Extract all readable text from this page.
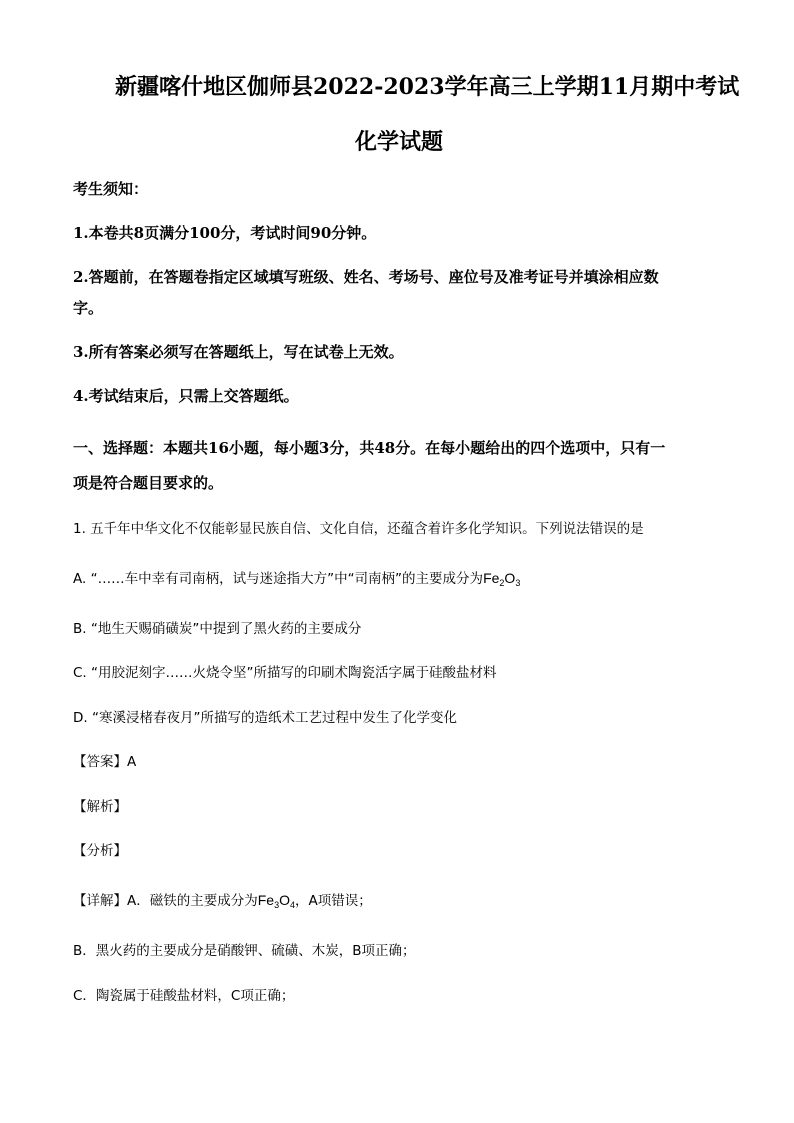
新疆喀什地区伽师县2022-2023学年高三上学期11月期中考试
化学试题
考生须知：
1.本卷共8页满分100分，考试时间90分钟。
2.答题前，在答题卷指定区域填写班级、姓名、考场号、座位号及准考证号并填涂相应数
字。
3.所有答案必须写在答题纸上，写在试卷上无效。
4.考试结束后，只需上交答题纸。
一、选择题：本题共16小题，每小题3分，共48分。在每小题给出的四个选项中，只有一
项是符合题目要求的。
1. 五千年中华文化不仅能彰显民族自信、文化自信，还蕴含着许多化学知识。下列说法错误的是
A. “……车中幸有司南柄，试与迷途指大方”中“司南柄”的主要成分为$Fe_2O_3$
B. “地生天赐硝磺炭”中提到了黑火药的主要成分
C. “用胶泥刻字……火烧令坚”所描写的印刷术陶瓷活字属于硅酸盐材料
D. “寒溪浸楮春夜月”所描写的造纸术工艺过程中发生了化学变化
【答案】A
【解析】
【分析】
【详解】A．磁铁的主要成分为$Fe_3O_4$，A项错误；
B．黑火药的主要成分是硝酸钾、硫磺、木炭，B项正确；
C．陶瓷属于硅酸盐材料，C项正确；
